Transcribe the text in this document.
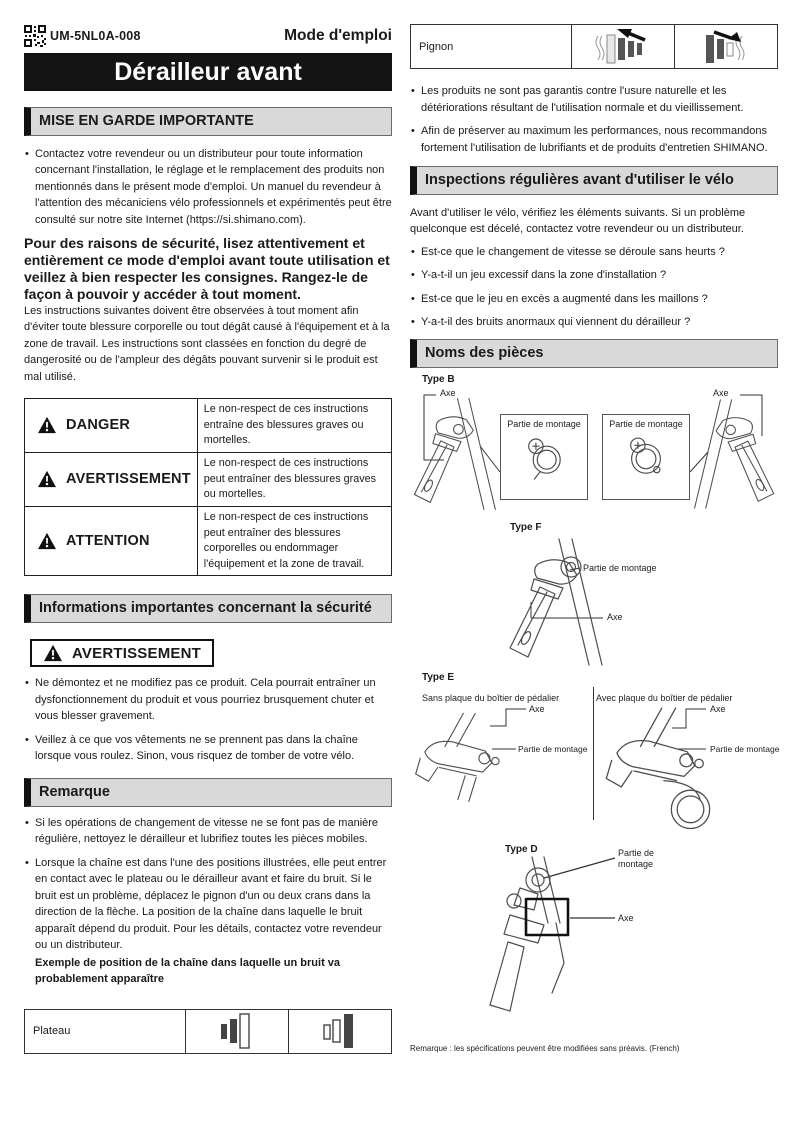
UM-5NL0A-008	Mode d'emploi
Dérailleur avant
MISE EN GARDE IMPORTANTE
• Contactez votre revendeur ou un distributeur pour toute information concernant l'installation, le réglage et le remplacement des produits non mentionnés dans le présent mode d'emploi. Un manuel du revendeur à l'attention des mécaniciens vélo professionnels et expérimentés peut être consulté sur notre site Internet (https://si.shimano.com).
Pour des raisons de sécurité, lisez attentivement et entièrement ce mode d'emploi avant toute utilisation et veillez à bien respecter les consignes. Rangez-le de façon à pouvoir y accéder à tout moment.
Les instructions suivantes doivent être observées à tout moment afin d'éviter toute blessure corporelle ou tout dégât causé à l'équipement et à la zone de travail. Les instructions sont classées en fonction du degré de dangerosité ou de l'ampleur des dégâts pouvant survenir si le produit est mal utilisé.
DANGER	Le non-respect de ces instructions entraîne des blessures graves ou mortelles.

AVERTISSEMENT	Le non-respect de ces instructions peut entraîner des blessures graves ou mortelles.

ATTENTION	Le non-respect de ces instructions peut entraîner des blessures corporelles ou endommager l'équipement et la zone de travail.
Informations importantes concernant la sécurité
AVERTISSEMENT
• Ne démontez et ne modifiez pas ce produit. Cela pourrait entraîner un dysfonctionnement du produit et vous pourriez brusquement chuter et vous blesser gravement.
• Veillez à ce que vos vêtements ne se prennent pas dans la chaîne lorsque vous roulez. Sinon, vous risquez de tomber de votre vélo.
Remarque
• Si les opérations de changement de vitesse ne se font pas de manière régulière, nettoyez le dérailleur et lubrifiez toutes les pièces mobiles.
• Lorsque la chaîne est dans l'une des positions illustrées, elle peut entrer en contact avec le plateau ou le dérailleur avant et faire du bruit. Si le bruit est un problème, déplacez le pignon d'un ou deux crans dans la direction de la flèche. La position de la chaîne dans laquelle le bruit apparaît dépend du produit. Pour les détails, contactez votre revendeur ou un distributeur.
Exemple de position de la chaîne dans laquelle un bruit va probablement apparaître
Plateau	

Pignon	

• Les produits ne sont pas garantis contre l'usure naturelle et les détériorations résultant de l'utilisation normale et du vieillissement.
• Afin de préserver au maximum les performances, nous recommandons fortement l'utilisation de lubrifiants et de produits d'entretien SHIMANO.
Inspections régulières avant d'utiliser le vélo
Avant d'utiliser le vélo, vérifiez les éléments suivants. Si un problème quelconque est décelé, contactez votre revendeur ou un distributeur.
• Est-ce que le changement de vitesse se déroule sans heurts ?
• Y-a-t-il un jeu excessif dans la zone d'installation ?
• Est-ce que le jeu en excès a augmenté dans les maillons ?
• Y-a-t-il des bruits anormaux qui viennent du dérailleur ?
Noms des pièces
Type B
Axe
Partie de montage	Partie de montage
Axe
Type F
Partie de montage
Axe
Type E
Sans plaque du boîtier de pédalier	Avec plaque du boîtier de pédalier
Axe
Partie de montage
Axe
Partie de montage
Type D	Partie de montage
Axe
Remarque : les spécifications peuvent être modifiées sans préavis. (French)
